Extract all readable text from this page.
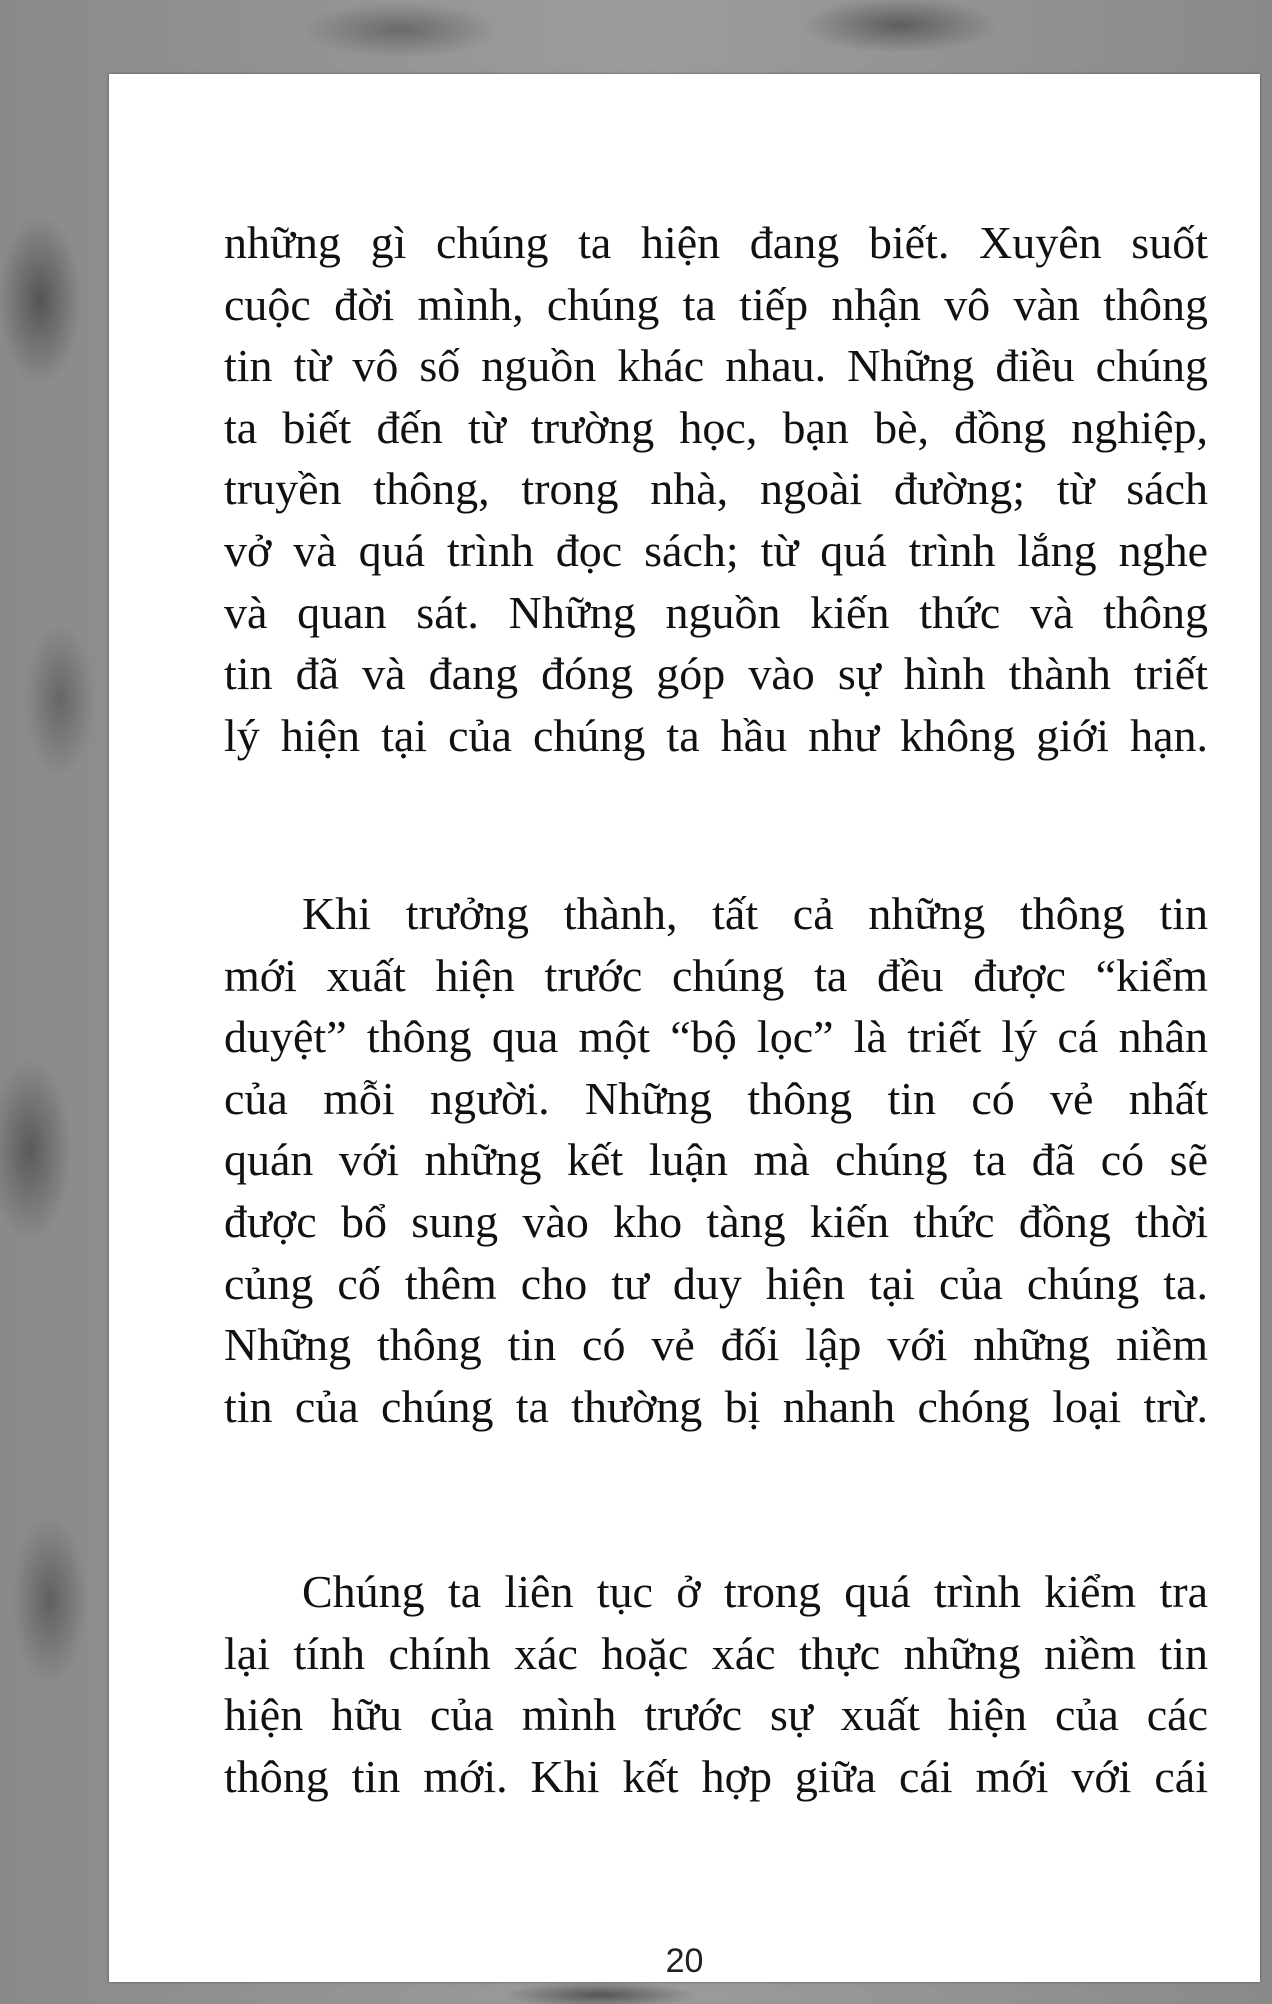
những gì chúng ta hiện đang biết. Xuyên suốt
cuộc đời mình, chúng ta tiếp nhận vô vàn thông
tin từ vô số nguồn khác nhau. Những điều chúng
ta biết đến từ trường học, bạn bè, đồng nghiệp,
truyền thông, trong nhà, ngoài đường; từ sách
vở và quá trình đọc sách; từ quá trình lắng nghe
và quan sát. Những nguồn kiến thức và thông
tin đã và đang đóng góp vào sự hình thành triết
lý hiện tại của chúng ta hầu như không giới hạn.
Khi trưởng thành, tất cả những thông tin
mới xuất hiện trước chúng ta đều được “kiểm
duyệt” thông qua một “bộ lọc” là triết lý cá nhân
của mỗi người. Những thông tin có vẻ nhất
quán với những kết luận mà chúng ta đã có sẽ
được bổ sung vào kho tàng kiến thức đồng thời
củng cố thêm cho tư duy hiện tại của chúng ta.
Những thông tin có vẻ đối lập với những niềm
tin của chúng ta thường bị nhanh chóng loại trừ.
Chúng ta liên tục ở trong quá trình kiểm tra
lại tính chính xác hoặc xác thực những niềm tin
hiện hữu của mình trước sự xuất hiện của các
thông tin mới. Khi kết hợp giữa cái mới với cái
20
